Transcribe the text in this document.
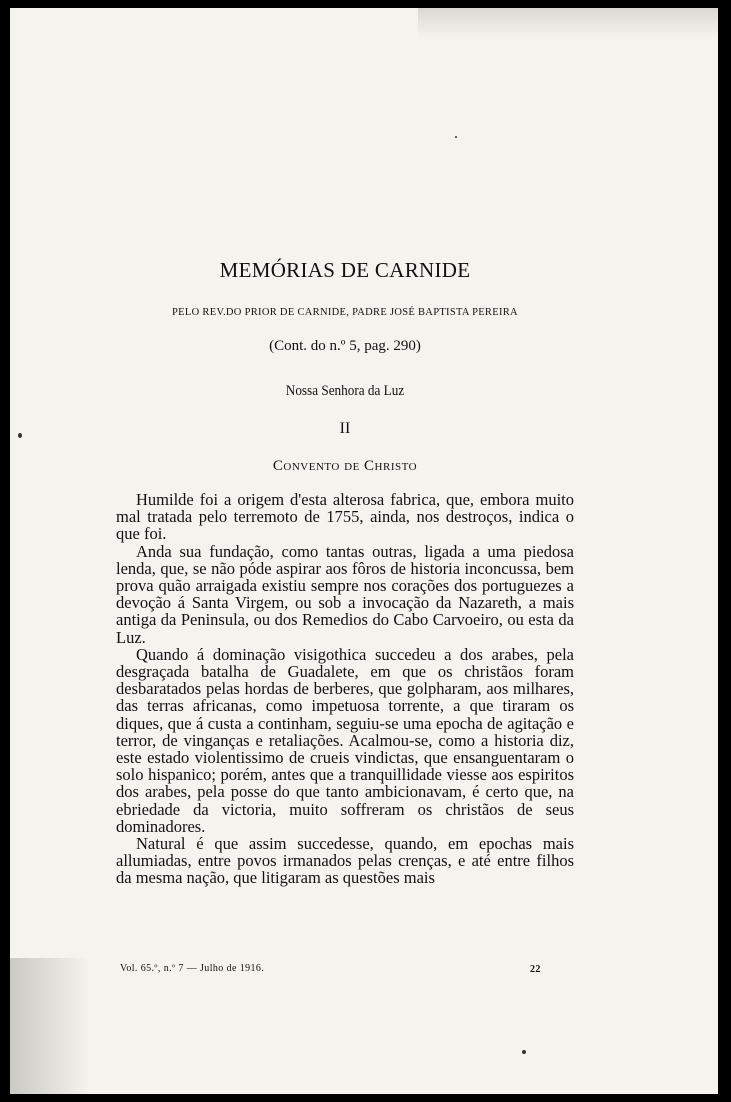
MEMÓRIAS DE CARNIDE
PELO REV.DO PRIOR DE CARNIDE, PADRE JOSÉ BAPTISTA PEREIRA
(Cont. do n.º 5, pag. 290)
Nossa Senhora da Luz
II
Convento de Christo

Humilde foi a origem d'esta alterosa fabrica, que, embora muito mal tratada pelo terremoto de 1755, ainda, nos destroços, indica o que foi.

Anda sua fundação, como tantas outras, ligada a uma piedosa lenda, que, se não póde aspirar aos fôros de historia inconcussa, bem prova quão arraigada existiu sempre nos corações dos portuguezes a devoção á Santa Virgem, ou sob a invocação da Nazareth, a mais antiga da Peninsula, ou dos Remedios do Cabo Carvoeiro, ou esta da Luz.

Quando á dominação visigothica succedeu a dos arabes, pela desgraçada batalha de Guadalete, em que os christãos foram desbaratados pelas hordas de berberes, que golpharam, aos milhares, das terras africanas, como impetuosa torrente, a que tiraram os diques, que á custa a continham, seguiu-se uma epocha de agitação e terror, de vinganças e retaliações. Acalmou-se, como a historia diz, este estado violentissimo de crueis vindictas, que ensanguentaram o solo hispanico; porém, antes que a tranquillidade viesse aos espiritos dos arabes, pela posse do que tanto ambicionavam, é certo que, na ebriedade da victoria, muito soffreram os christãos de seus dominadores.

Natural é que assim succedesse, quando, em epochas mais allumiadas, entre povos irmanados pelas crenças, e até entre filhos da mesma nação, que litigaram as questões mais

Vol. 65.º, n.º 7 — Julho de 1916.	22
